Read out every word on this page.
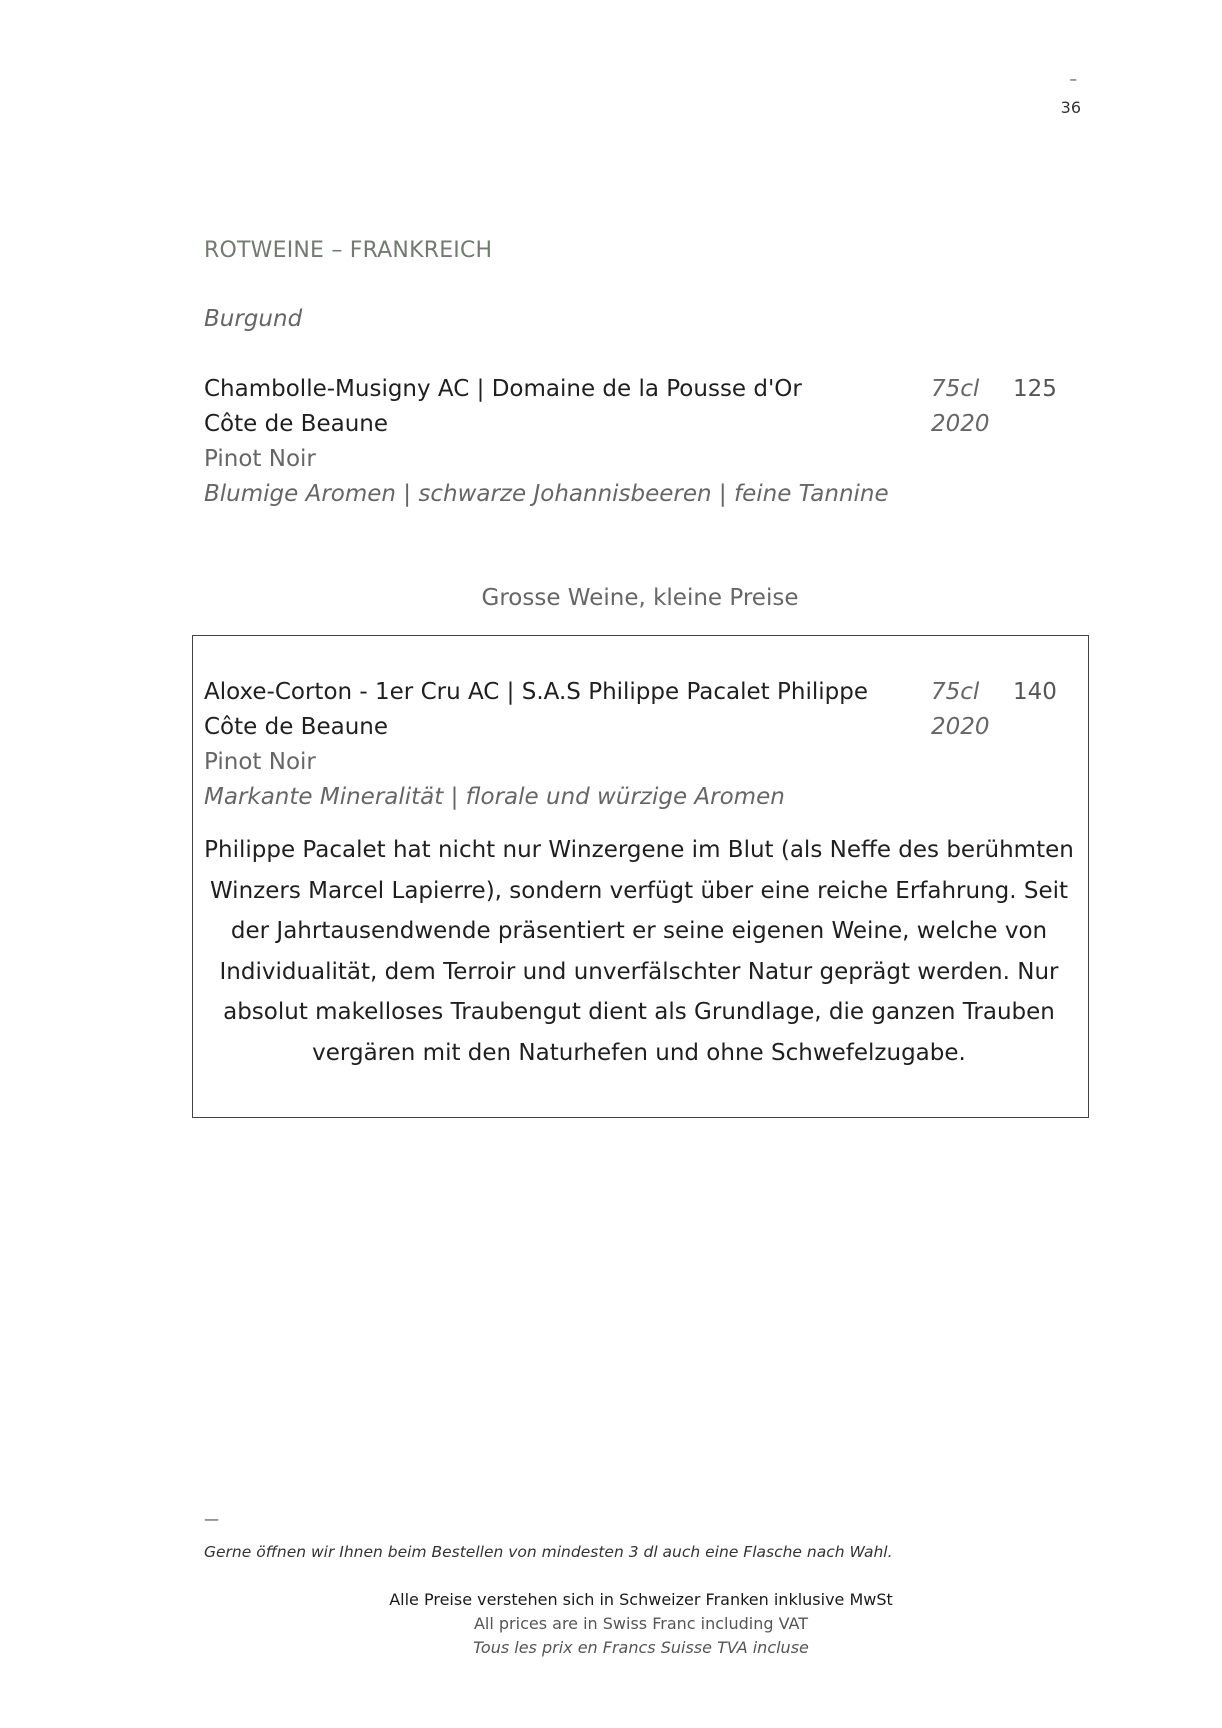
–
36
ROTWEINE – FRANKREICH
Burgund
Chambolle-Musigny AC | Domaine de la Pousse d'Or	75cl 125
Côte de Beaune	2020
Pinot Noir
Blumige Aromen | schwarze Johannisbeeren | feine Tannine
Grosse Weine, kleine Preise
Aloxe-Corton - 1er Cru AC | S.A.S Philippe Pacalet Philippe	75cl 140
Côte de Beaune	2020
Pinot Noir
Markante Mineralität | florale und würzige Aromen
Philippe Pacalet hat nicht nur Winzergene im Blut (als Neffe des berühmten
Winzers Marcel Lapierre), sondern verfügt über eine reiche Erfahrung. Seit
der Jahrtausendwende präsentiert er seine eigenen Weine, welche von
Individualität, dem Terroir und unverfälschter Natur geprägt werden. Nur
absolut makelloses Traubengut dient als Grundlage, die ganzen Trauben
vergären mit den Naturhefen und ohne Schwefelzugabe.
—
Gerne öffnen wir Ihnen beim Bestellen von mindesten 3 dl auch eine Flasche nach Wahl.
Alle Preise verstehen sich in Schweizer Franken inklusive MwSt
All prices are in Swiss Franc including VAT
Tous les prix en Francs Suisse TVA incluse
